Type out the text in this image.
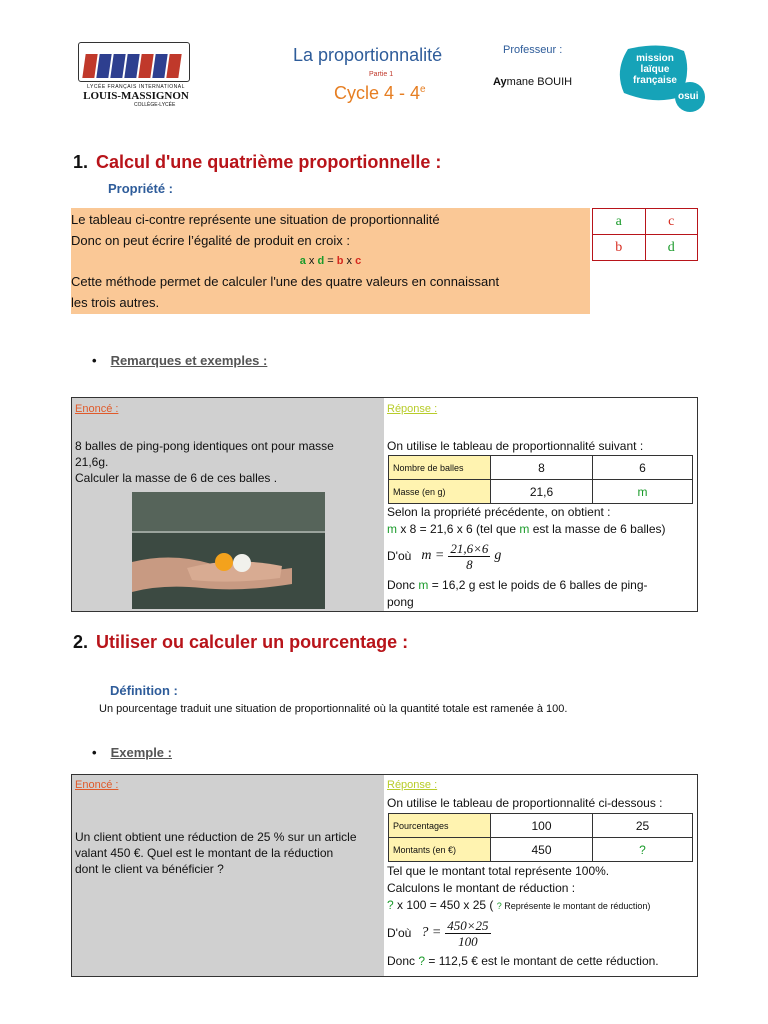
LYCÉE FRANÇAIS INTERNATIONAL
LOUIS-MASSIGNON
COLLÈGE-LYCÉE
La proportionnalité
Partie 1
Cycle 4 - 4e
Professeur :
Aymane BOUIH
mission
laïque
française
osui
1. Calcul d'une quatrième proportionnelle :
Propriété :
Le tableau ci-contre représente une situation de proportionnalité
Donc on peut écrire l’égalité de produit en croix :
a x d = b x c
Cette méthode permet de calculer l'une des quatre valeurs en connaissant
les trois autres.
a	c
b	d
• Remarques et exemples :
Enoncé :
8 balles de ping-pong identiques ont pour masse
21,6g.
Calculer la masse de 6 de ces balles .
Réponse :
On utilise le tableau de proportionnalité suivant :
Nombre de balles	8	6
Masse (en g)	21,6	m
Selon la propriété précédente, on obtient :
m x 8 = 21,6 x 6 (tel que m est la masse de 6 balles)
D'où $m = \frac{21,6\times 6}{8}$ g
Donc m = 16,2 g est le poids de 6 balles de ping-
pong
2. Utiliser ou calculer un pourcentage :
Définition :
Un pourcentage traduit une situation de proportionnalité où la quantité totale est ramenée à 100.
• Exemple :
Enoncé :
Un client obtient une réduction de 25 % sur un article
valant 450 €. Quel est le montant de la réduction
dont le client va bénéficier ?
Réponse :
On utilise le tableau de proportionnalité ci-dessous :
Pourcentages	100	25
Montants (en €)	450	?
Tel que le montant total représente 100%.
Calculons le montant de réduction :
? x 100 = 450 x 25 ( ? Représente le montant de réduction)
D'où ? = $\frac{450\times 25}{100}$
Donc ? = 112,5 € est le montant de cette réduction.
